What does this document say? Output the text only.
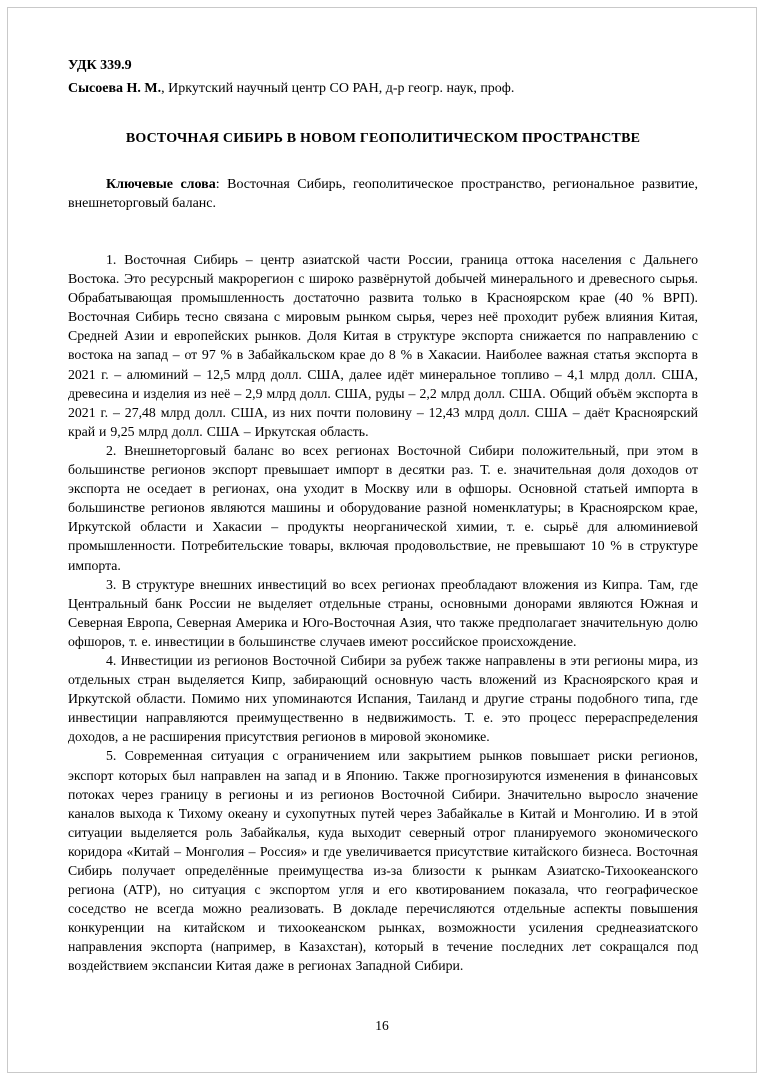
УДК 339.9
Сысоева Н. М., Иркутский научный центр СО РАН, д-р геогр. наук, проф.
ВОСТОЧНАЯ СИБИРЬ В НОВОМ ГЕОПОЛИТИЧЕСКОМ ПРОСТРАНСТВЕ
Ключевые слова: Восточная Сибирь, геополитическое пространство, региональное развитие, внешнеторговый баланс.

1. Восточная Сибирь – центр азиатской части России, граница оттока населения с Дальнего Востока. Это ресурсный макрорегион с широко развёрнутой добычей минерального и древесного сырья. Обрабатывающая промышленность достаточно развита только в Красноярском крае (40 % ВРП). Восточная Сибирь тесно связана с мировым рынком сырья, через неё проходит рубеж влияния Китая, Средней Азии и европейских рынков. Доля Китая в структуре экспорта снижается по направлению с востока на запад – от 97 % в Забайкальском крае до 8 % в Хакасии. Наиболее важная статья экспорта в 2021 г. – алюминий – 12,5 млрд долл. США, далее идёт минеральное топливо – 4,1 млрд долл. США, древесина и изделия из неё – 2,9 млрд долл. США, руды – 2,2 млрд долл. США. Общий объём экспорта в 2021 г. – 27,48 млрд долл. США, из них почти половину – 12,43 млрд долл. США – даёт Красноярский край и 9,25 млрд долл. США – Иркутская область.

2. Внешнеторговый баланс во всех регионах Восточной Сибири положительный, при этом в большинстве регионов экспорт превышает импорт в десятки раз. Т. е. значительная доля доходов от экспорта не оседает в регионах, она уходит в Москву или в офшоры. Основной статьей импорта в большинстве регионов являются машины и оборудование разной номенклатуры; в Красноярском крае, Иркутской области и Хакасии – продукты неорганической химии, т. е. сырьё для алюминиевой промышленности. Потребительские товары, включая продовольствие, не превышают 10 % в структуре импорта.

3. В структуре внешних инвестиций во всех регионах преобладают вложения из Кипра. Там, где Центральный банк России не выделяет отдельные страны, основными донорами являются Южная и Северная Европа, Северная Америка и Юго-Восточная Азия, что также предполагает значительную долю офшоров, т. е. инвестиции в большинстве случаев имеют российское происхождение.

4. Инвестиции из регионов Восточной Сибири за рубеж также направлены в эти регионы мира, из отдельных стран выделяется Кипр, забирающий основную часть вложений из Красноярского края и Иркутской области. Помимо них упоминаются Испания, Таиланд и другие страны подобного типа, где инвестиции направляются преимущественно в недвижимость. Т. е. это процесс перераспределения доходов, а не расширения присутствия регионов в мировой экономике.

5. Современная ситуация с ограничением или закрытием рынков повышает риски регионов, экспорт которых был направлен на запад и в Японию. Также прогнозируются изменения в финансовых потоках через границу в регионы и из регионов Восточной Сибири. Значительно выросло значение каналов выхода к Тихому океану и сухопутных путей через Забайкалье в Китай и Монголию. И в этой ситуации выделяется роль Забайкалья, куда выходит северный отрог планируемого экономического коридора «Китай – Монголия – Россия» и где увеличивается присутствие китайского бизнеса. Восточная Сибирь получает определённые преимущества из-за близости к рынкам Азиатско-Тихоокеанского региона (АТР), но ситуация с экспортом угля и его квотированием показала, что географическое соседство не всегда можно реализовать. В докладе перечисляются отдельные аспекты повышения конкуренции на китайском и тихоокеанском рынках, возможности усиления среднеазиатского направления экспорта (например, в Казахстан), который в течение последних лет сокращался под воздействием экспансии Китая даже в регионах Западной Сибири.

16
